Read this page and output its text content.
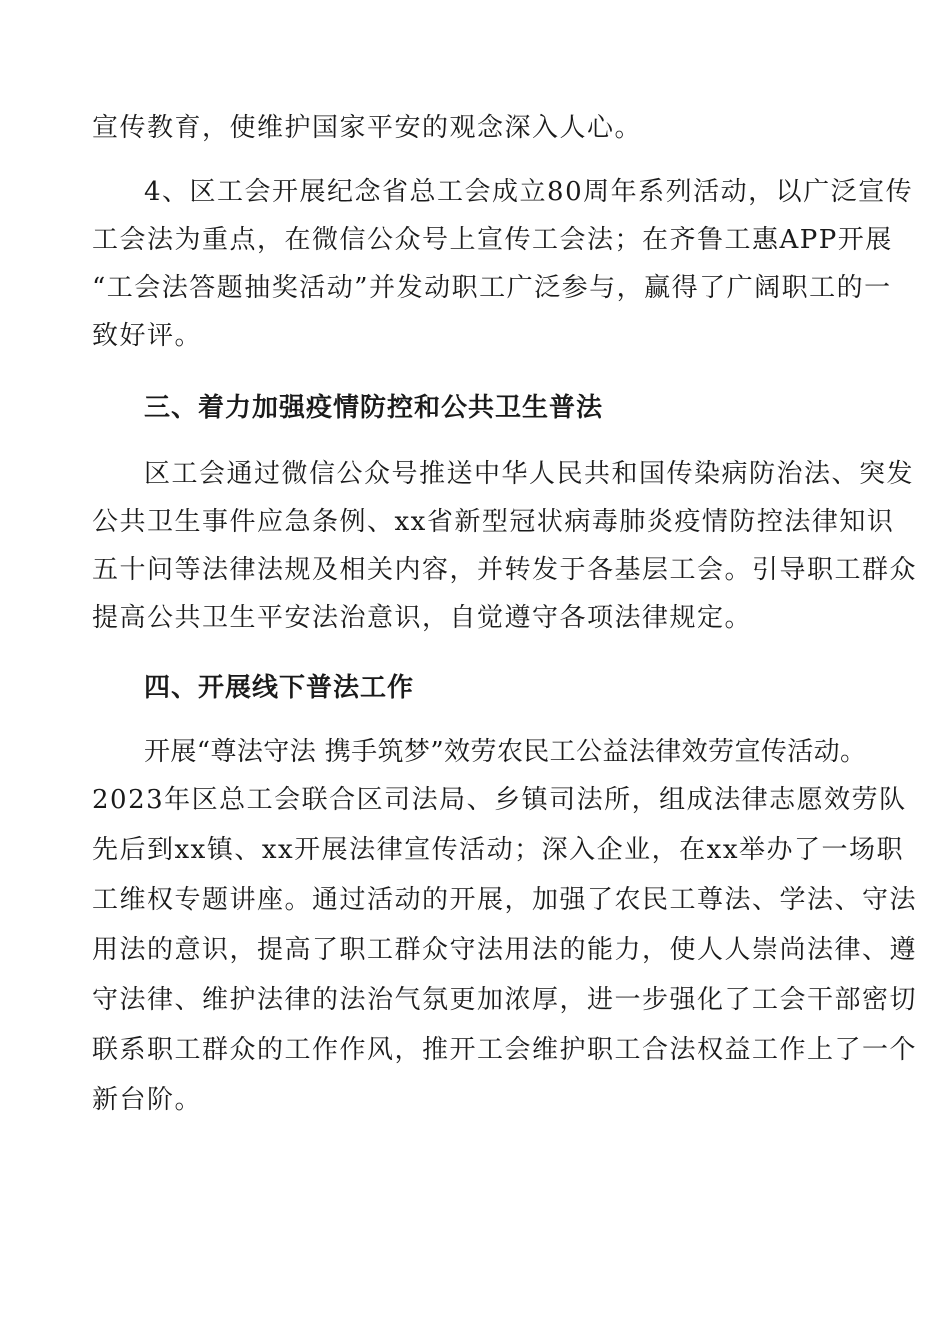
宣传教育，使维护国家平安的观念深入人心。
4、区工会开展纪念省总工会成立80周年系列活动，以广泛宣传
工会法为重点，在微信公众号上宣传工会法；在齐鲁工惠APP开展
“工会法答题抽奖活动”并发动职工广泛参与，赢得了广阔职工的一
致好评。
三、着力加强疫情防控和公共卫生普法
区工会通过微信公众号推送中华人民共和国传染病防治法、突发
公共卫生事件应急条例、xx省新型冠状病毒肺炎疫情防控法律知识
五十问等法律法规及相关内容，并转发于各基层工会。引导职工群众
提高公共卫生平安法治意识，自觉遵守各项法律规定。
四、开展线下普法工作
开展“尊法守法 携手筑梦”效劳农民工公益法律效劳宣传活动。
2023年区总工会联合区司法局、乡镇司法所，组成法律志愿效劳队
先后到xx镇、xx开展法律宣传活动；深入企业，在xx举办了一场职
工维权专题讲座。通过活动的开展，加强了农民工尊法、学法、守法
用法的意识，提高了职工群众守法用法的能力，使人人崇尚法律、遵
守法律、维护法律的法治气氛更加浓厚，进一步强化了工会干部密切
联系职工群众的工作作风，推开工会维护职工合法权益工作上了一个
新台阶。
